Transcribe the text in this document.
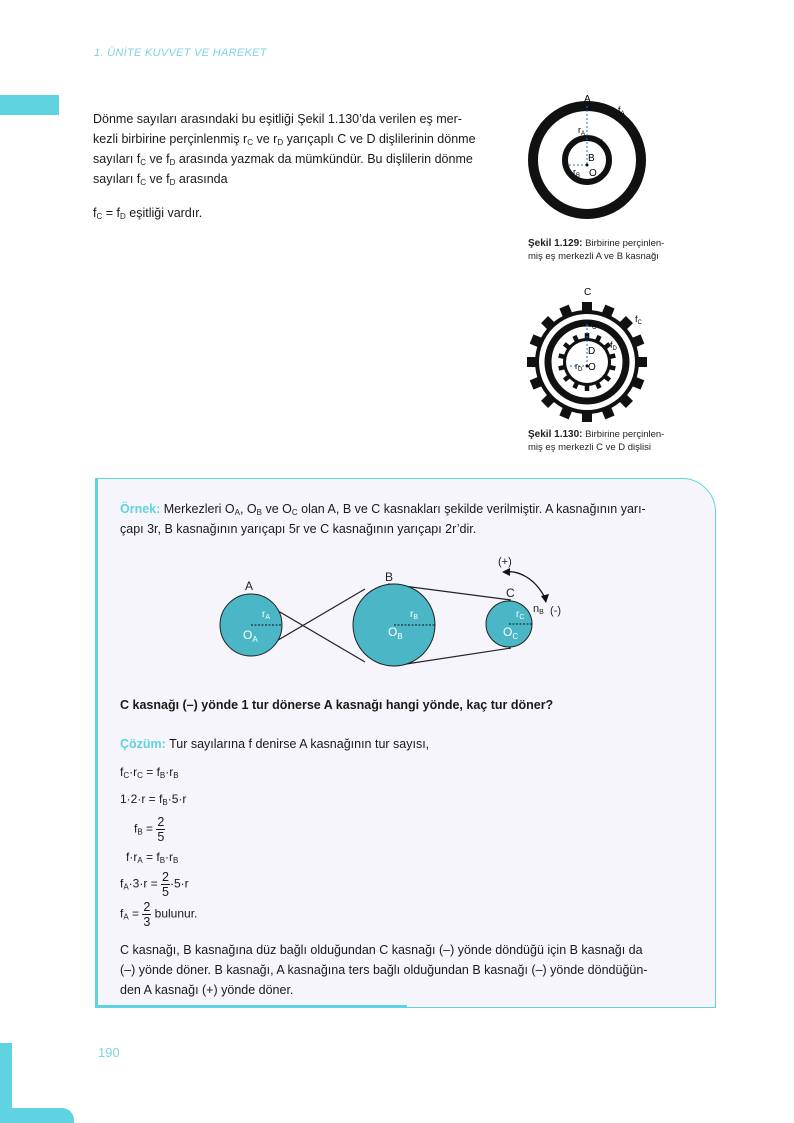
1. ÜNİTE KUVVET VE HAREKET
Dönme sayıları arasındaki bu eşitliği Şekil 1.130’da verilen eş mer-
kezli birbirine perçinlenmiş $r_C$ ve $r_D$ yarıçaplı C ve D dişlilerinin dönme
sayıları $f_C$ ve $f_D$ arasında yazmak da mümkündür. Bu dişlilerin dönme
sayıları $f_C$ ve $f_D$ arasında
$f_C = f_D$ eşitliği vardır.
A
$f_A$
$r_A$
$f_B$
B
$r_B$ O
Şekil 1.129: Birbirine perçinlen-
miş eş merkezli A ve B kasnağı
C
$f_C$
$r_C$
$f_D$
D
$r_D$ O
Şekil 1.130: Birbirine perçinlen-
miş eş merkezli C ve D dişlisi
Örnek: Merkezleri $O_A$, $O_B$ ve $O_C$ olan A, B ve C kasnakları şekilde verilmiştir. A kasnağının yarı-
çapı 3r, B kasnağının yarıçapı 5r ve C kasnağının yarıçapı 2r’dir.
A
B
C
(+)
(-)
nB
$r_A$	$r_B$	$r_C$
$O_A$
$O_B$	$O_C$
C kasnağı (–) yönde 1 tur dönerse A kasnağı hangi yönde, kaç tur döner?
Çözüm: Tur sayılarına f denirse A kasnağının tur sayısı,
$f_C\cdot r_C = f_B\cdot r_B$
$1\cdot 2\cdot r = f_B\cdot 5\cdot r$
$f_B = \frac{2}{5}$
$f\cdot r_A = f_B\cdot r_B$
$f_A\cdot 3\cdot r = \frac{2}{5} \cdot 5\cdot r$
$f_A = \frac{2}{3}$ bulunur.
C kasnağı, B kasnağına düz bağlı olduğundan C kasnağı (–) yönde döndüğü için B kasnağı da
(–) yönde döner. B kasnağı, A kasnağına ters bağlı olduğundan B kasnağı (–) yönde döndüğün-
den A kasnağı (+) yönde döner.
190
